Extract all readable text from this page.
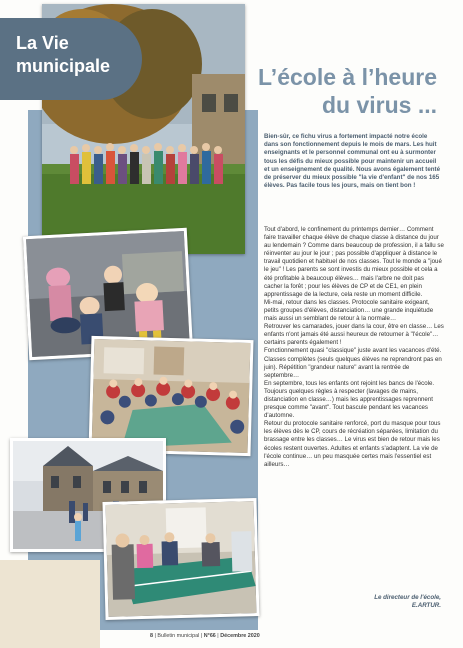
La Vie
municipale	L’école à l’heure
du virus ...
Bien-sûr, ce fichu virus a fortement impacté notre école dans son fonctionnement depuis le mois de mars. Les huit enseignants et le personnel communal ont eu à surmonter tous les défis du mieux possible pour maintenir un accueil et un enseignement de qualité. Nous avons également tenté de préserver du mieux possible "la vie d'enfant" de nos 165 élèves. Pas facile tous les jours, mais on tient bon !

Tout d'abord, le confinement du printemps dernier… Comment faire travailler chaque élève de chaque classe à distance du jour au lendemain ? Comme dans beaucoup de profession, il a fallu se réinventer au jour le jour ; pas possible d'appliquer à distance le travail quotidien et habituel de nos classes. Tout le monde a "joué le jeu" ! Les parents se sont investis du mieux possible et cela a été profitable à beaucoup élèves… mais l'arbre ne doit pas cacher la forêt ; pour les élèves de CP et de CE1, en plein apprentissage de la lecture, cela reste un moment difficile.

Mi-mai, retour dans les classes. Protocole sanitaire exigeant, petits groupes d'élèves, distanciation… une grande inquiétude mais aussi un semblant de retour à la normale…

Retrouver les camarades, jouer dans la cour, être en classe… Les enfants n'ont jamais été aussi heureux de retourner à "l'école"… certains parents également !

Fonctionnement quasi "classique" juste avant les vacances d'été. Classes complètes (seuls quelques élèves ne reprendront pas en juin). Répétition "grandeur nature" avant la rentrée de septembre…

En septembre, tous les enfants ont rejoint les bancs de l'école. Toujours quelques règles à respecter (lavages de mains, distanciation en classe…) mais les apprentissages reprennent presque comme "avant". Tout bascule pendant les vacances d'automne.

Retour du protocole sanitaire renforcé, port du masque pour tous les élèves dès le CP, cours de récréation séparées, limitation du brassage entre les classes… Le virus est bien de retour mais les écoles restent ouvertes. Adultes et enfants s'adaptent. La vie de l'école continue… un peu masquée certes mais l'essentiel est ailleurs…

Le directeur de l'école,
E.ARTUR.
8 | Bulletin municipal | N°66 | Décembre 2020
